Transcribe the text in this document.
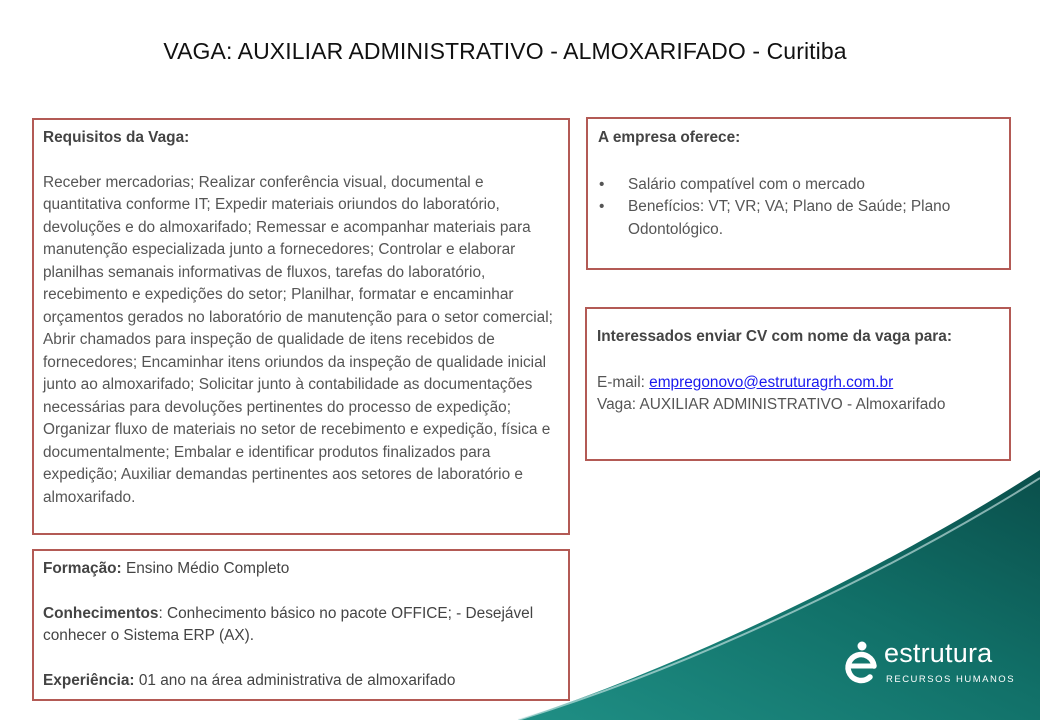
VAGA: AUXILIAR ADMINISTRATIVO - ALMOXARIFADO - Curitiba
Requisitos da Vaga:
Receber mercadorias; Realizar conferência visual, documental e quantitativa conforme IT; Expedir materiais oriundos do laboratório, devoluções e do almoxarifado; Remessar e acompanhar materiais para manutenção especializada junto a fornecedores; Controlar e elaborar planilhas semanais informativas de fluxos, tarefas do laboratório, recebimento e expedições do setor; Planilhar, formatar e encaminhar orçamentos gerados no laboratório de manutenção para o setor comercial; Abrir chamados para inspeção de qualidade de itens recebidos de fornecedores; Encaminhar itens oriundos da inspeção de qualidade inicial junto ao almoxarifado; Solicitar junto à contabilidade as documentações necessárias para devoluções pertinentes do processo de expedição; Organizar fluxo de materiais no setor de recebimento e expedição, física e documentalmente; Embalar e identificar produtos finalizados para expedição; Auxiliar demandas pertinentes aos setores de laboratório e almoxarifado.
Formação: Ensino Médio Completo
Conhecimentos: Conhecimento básico no pacote OFFICE; - Desejável conhecer o Sistema ERP (AX).
Experiência: 01 ano na área administrativa de almoxarifado
A empresa oferece:
• Salário compatível com o mercado
• Benefícios: VT; VR; VA; Plano de Saúde; Plano Odontológico.
Interessados enviar CV com nome da vaga para:
E-mail: empregonovo@estruturagrh.com.br
Vaga: AUXILIAR ADMINISTRATIVO - Almoxarifado
estrutura
RECURSOS HUMANOS
